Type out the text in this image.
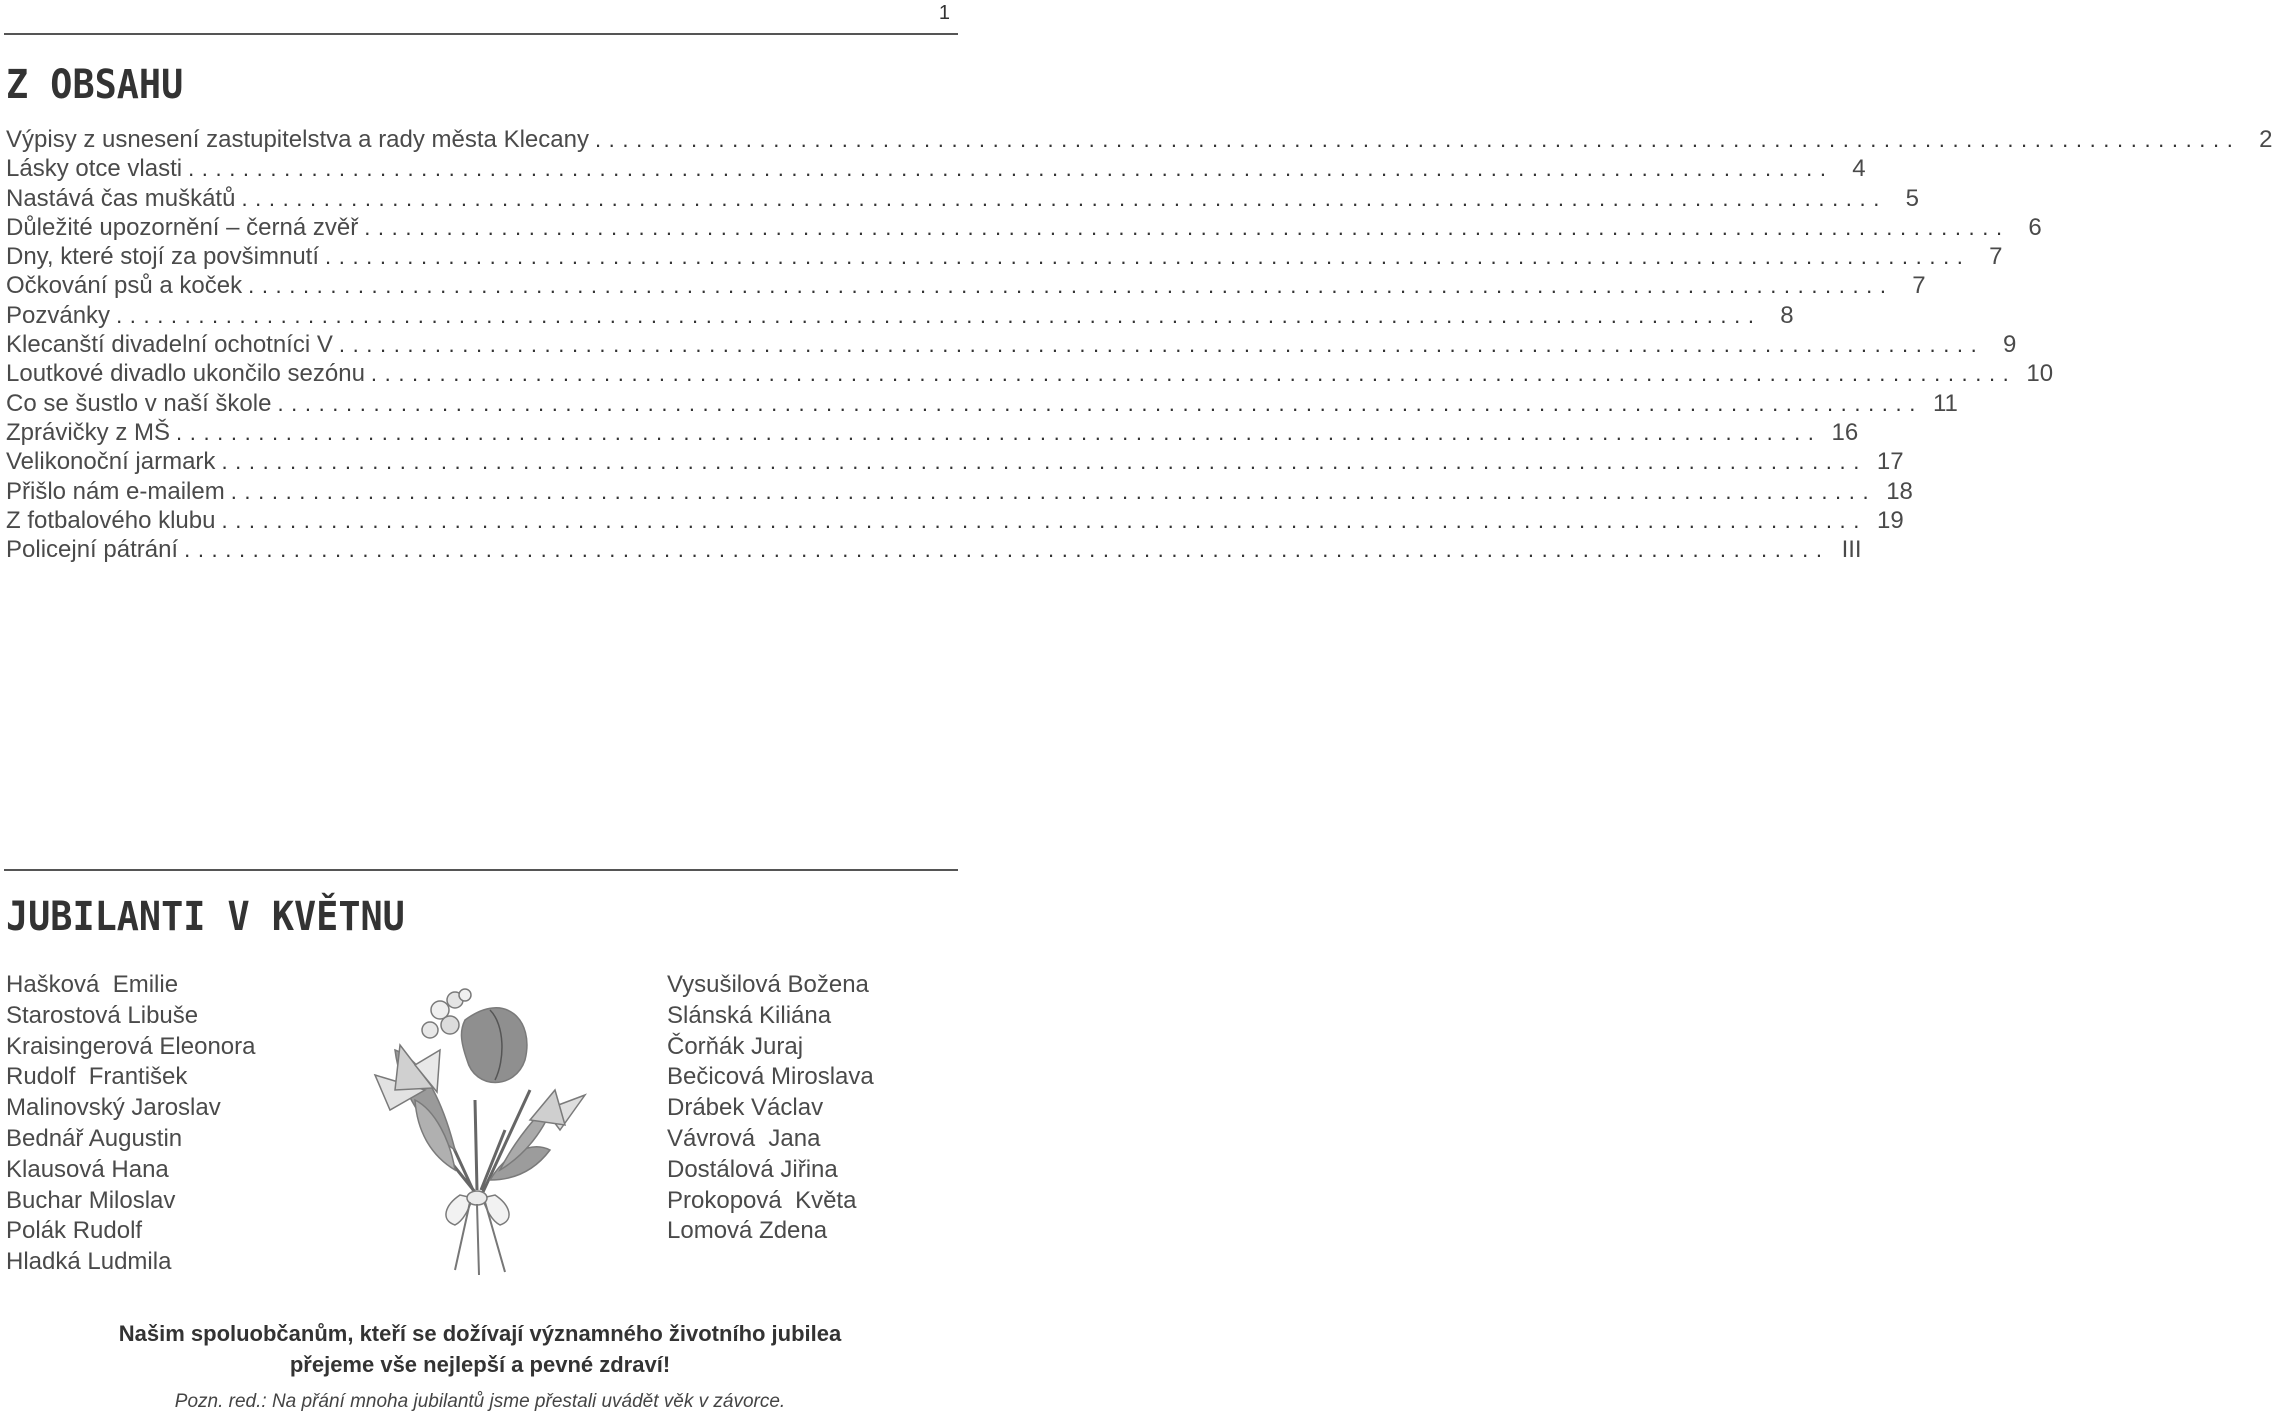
1
Z OBSAHU
Výpisy z usnesení zastupitelstva a rady města Klecany ........................................................................................................................ 2
Lásky otce vlasti ........................................................................................................................ 4
Nastává čas muškátů ........................................................................................................................ 5
Důležité upozornění – černá zvěř ........................................................................................................................ 6
Dny, které stojí za povšimnutí ........................................................................................................................ 7
Očkování psů a koček ........................................................................................................................ 7
Pozvánky ........................................................................................................................ 8
Klecanští divadelní ochotníci V ........................................................................................................................ 9
Loutkové divadlo ukončilo sezónu ........................................................................................................................ 10
Co se šustlo v naší škole ........................................................................................................................ 11
Zprávičky z MŠ ........................................................................................................................ 16
Velikonoční jarmark ........................................................................................................................ 17
Přišlo nám e-mailem ........................................................................................................................ 18
Z fotbalového klubu ........................................................................................................................ 19
Policejní pátrání ........................................................................................................................ III
JUBILANTI V KVĚTNU
Hašková  Emilie
Starostová Libuše
Kraisingerová Eleonora
Rudolf  František
Malinovský Jaroslav
Bednář Augustin
Klausová Hana
Buchar Miloslav
Polák Rudolf
Hladká Ludmila
Vysušilová Božena
Slánská Kiliána
Čorňák Juraj
Bečicová Miroslava
Drábek Václav
Vávrová  Jana
Dostálová Jiřina
Prokopová  Květa
Lomová Zdena
Našim spoluobčanům, kteří se dožívají významného životního jubilea
přejeme vše nejlepší a pevné zdraví!
Pozn. red.: Na přání mnoha jubilantů jsme přestali uvádět věk v závorce.
